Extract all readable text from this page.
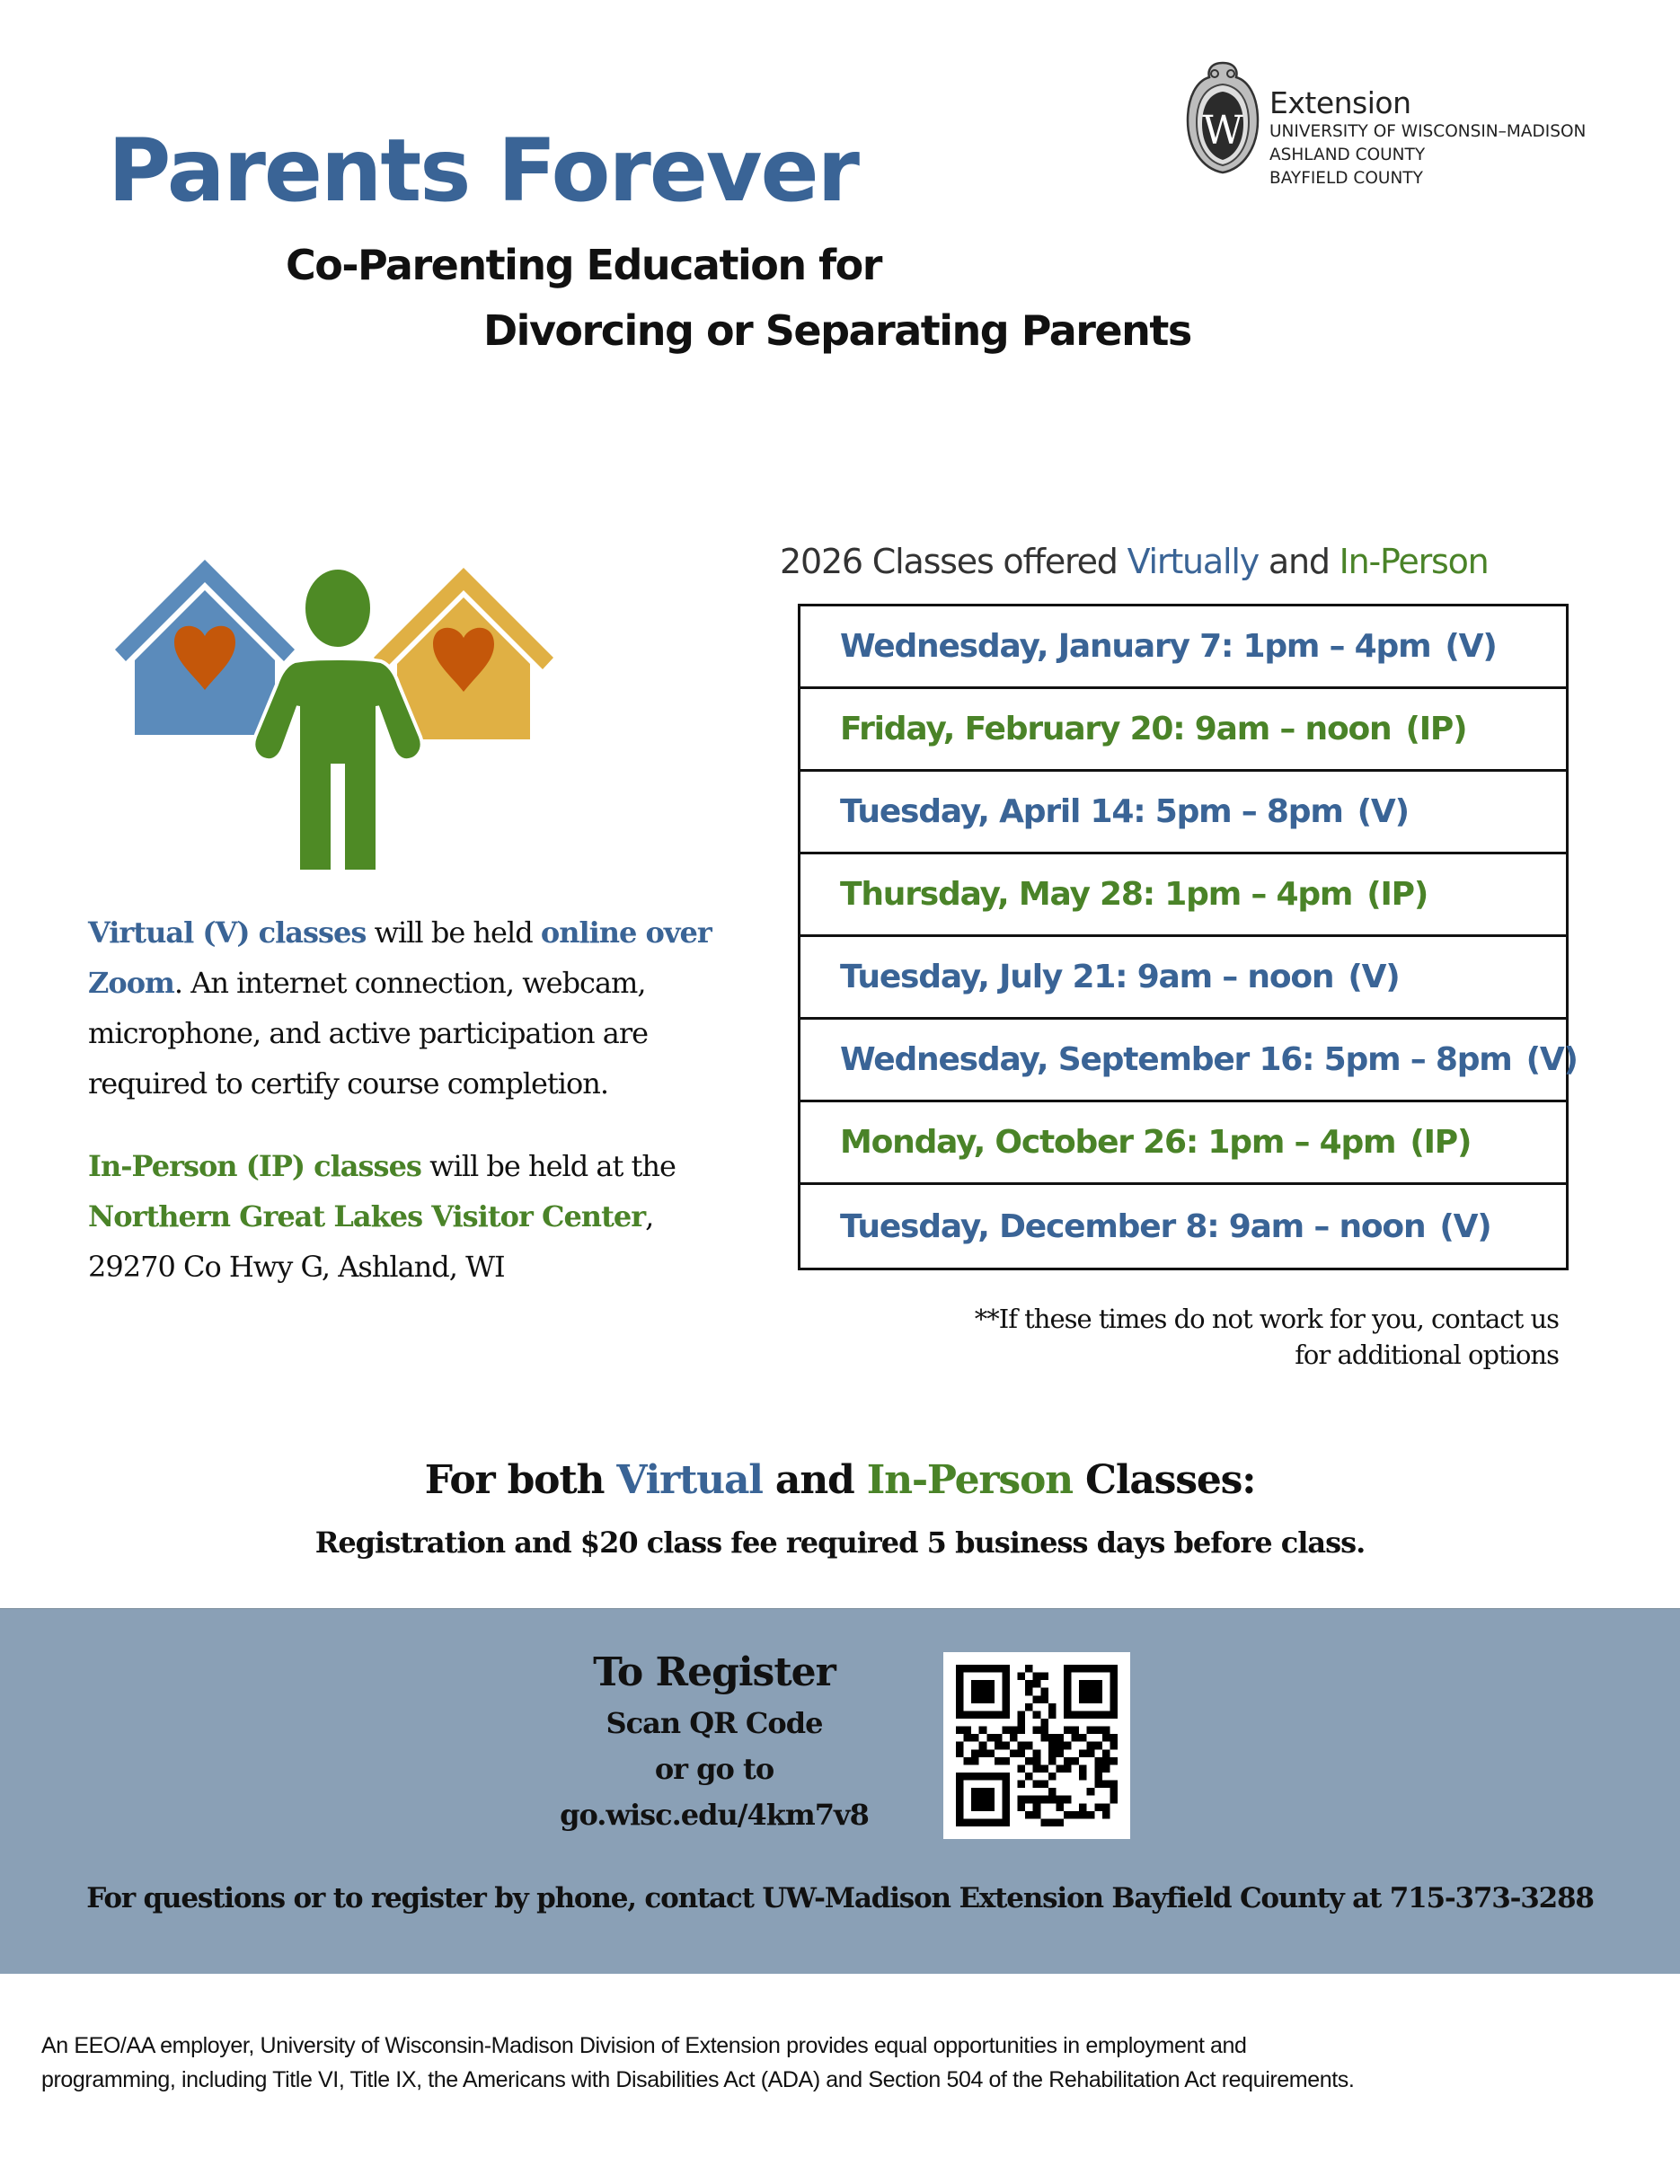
W
Extension
UNIVERSITY OF WISCONSIN–MADISON
ASHLAND COUNTY
BAYFIELD COUNTY
Parents Forever
Co-Parenting Education for
Divorcing or Separating Parents
Virtual (V) classes will be held online over Zoom. An internet connection, webcam, microphone, and active participation are required to certify course completion.
In-Person (IP) classes will be held at the
Northern Great Lakes Visitor Center,
29270 Co Hwy G, Ashland, WI
2026 Classes offered Virtually and In-Person
Wednesday, January 7: 1pm – 4pm (V)
Friday, February 20: 9am – noon (IP)
Tuesday, April 14: 5pm – 8pm (V)
Thursday, May 28: 1pm – 4pm (IP)
Tuesday, July 21: 9am – noon (V)
Wednesday, September 16: 5pm – 8pm (V)
Monday, October 26: 1pm – 4pm (IP)
Tuesday, December 8: 9am – noon (V)
**If these times do not work for you, contact us
for additional options
For both Virtual and In-Person Classes:
Registration and $20 class fee required 5 business days before class.
To Register
Scan QR Code
or go to
go.wisc.edu/4km7v8
For questions or to register by phone, contact UW-Madison Extension Bayfield County at 715-373-3288
An EEO/AA employer, University of Wisconsin-Madison Division of Extension provides equal opportunities in employment and
programming, including Title VI, Title IX, the Americans with Disabilities Act (ADA) and Section 504 of the Rehabilitation Act requirements.
